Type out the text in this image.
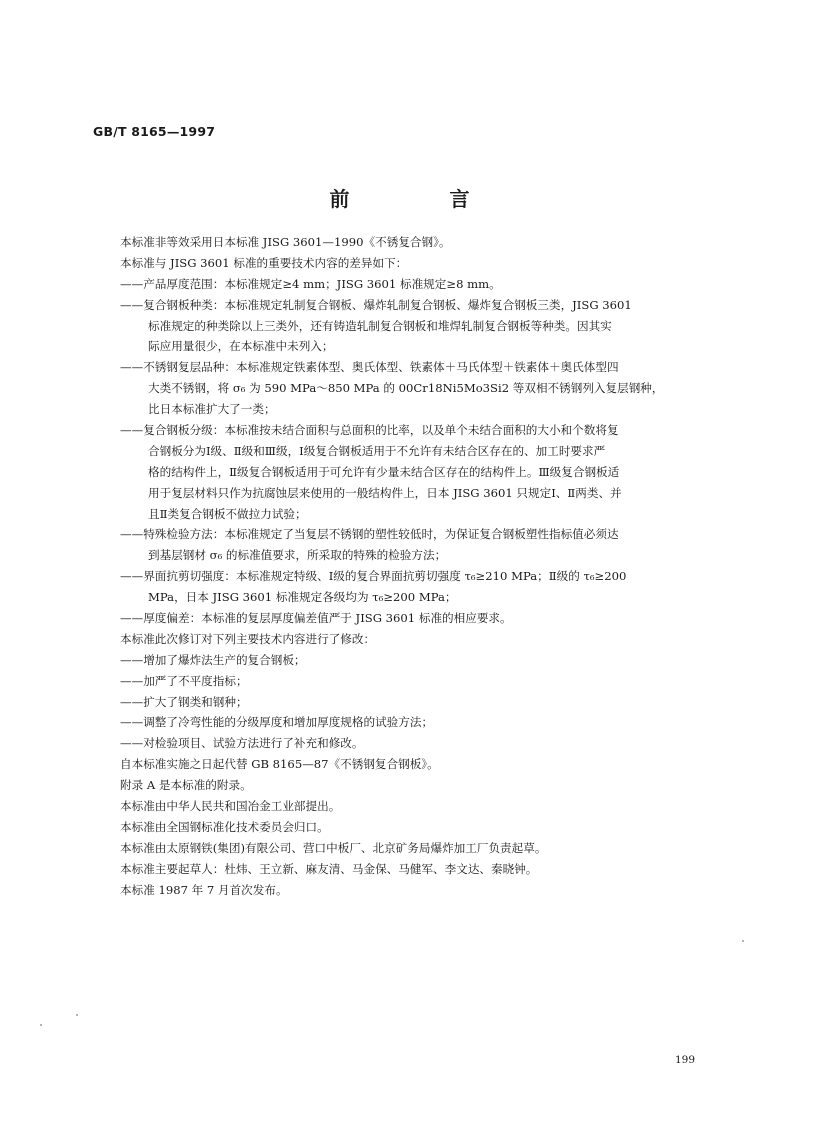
GB/T 8165—1997
前　言
本标准非等效采用日本标准 JISG 3601—1990《不锈复合钢》。
本标准与 JISG 3601 标准的重要技术内容的差异如下：
——产品厚度范围：本标准规定≥4 mm；JISG 3601 标准规定≥8 mm。
——复合钢板种类：本标准规定轧制复合钢板、爆炸轧制复合钢板、爆炸复合钢板三类，JISG 3601
标准规定的种类除以上三类外，还有铸造轧制复合钢板和堆焊轧制复合钢板等种类。因其实
际应用量很少，在本标准中未列入；
——不锈钢复层品种：本标准规定铁素体型、奥氏体型、铁素体＋马氏体型＋铁素体＋奥氏体型四
大类不锈钢，将 σ₆ 为 590 MPa～850 MPa 的 00Cr18Ni5Mo3Si2 等双相不锈钢列入复层钢种，
比日本标准扩大了一类；
——复合钢板分级：本标准按未结合面积与总面积的比率，以及单个未结合面积的大小和个数将复
合钢板分为Ⅰ级、Ⅱ级和Ⅲ级，Ⅰ级复合钢板适用于不允许有未结合区存在的、加工时要求严
格的结构件上，Ⅱ级复合钢板适用于可允许有少量未结合区存在的结构件上。Ⅲ级复合钢板适
用于复层材料只作为抗腐蚀层来使用的一般结构件上，日本 JISG 3601 只规定Ⅰ、Ⅱ两类、并
且Ⅱ类复合钢板不做拉力试验；
——特殊检验方法：本标准规定了当复层不锈钢的塑性较低时，为保证复合钢板塑性指标值必须达
到基层钢材 σ₆ 的标准值要求，所采取的特殊的检验方法；
——界面抗剪切强度：本标准规定特级、Ⅰ级的复合界面抗剪切强度 τ₆≥210 MPa；Ⅱ级的 τ₆≥200
MPa，日本 JISG 3601 标准规定各级均为 τ₆≥200 MPa；
——厚度偏差：本标准的复层厚度偏差值严于 JISG 3601 标准的相应要求。
本标准此次修订对下列主要技术内容进行了修改：
——增加了爆炸法生产的复合钢板；
——加严了不平度指标；
——扩大了钢类和钢种；
——调整了冷弯性能的分级厚度和增加厚度规格的试验方法；
——对检验项目、试验方法进行了补充和修改。
自本标准实施之日起代替 GB 8165—87《不锈钢复合钢板》。
附录 A 是本标准的附录。
本标准由中华人民共和国冶金工业部提出。
本标准由全国钢标准化技术委员会归口。
本标准由太原钢铁(集团)有限公司、营口中板厂、北京矿务局爆炸加工厂负责起草。
本标准主要起草人：杜炜、王立新、麻友清、马金保、马健军、李文达、秦晓钟。
本标准 1987 年 7 月首次发布。
199
